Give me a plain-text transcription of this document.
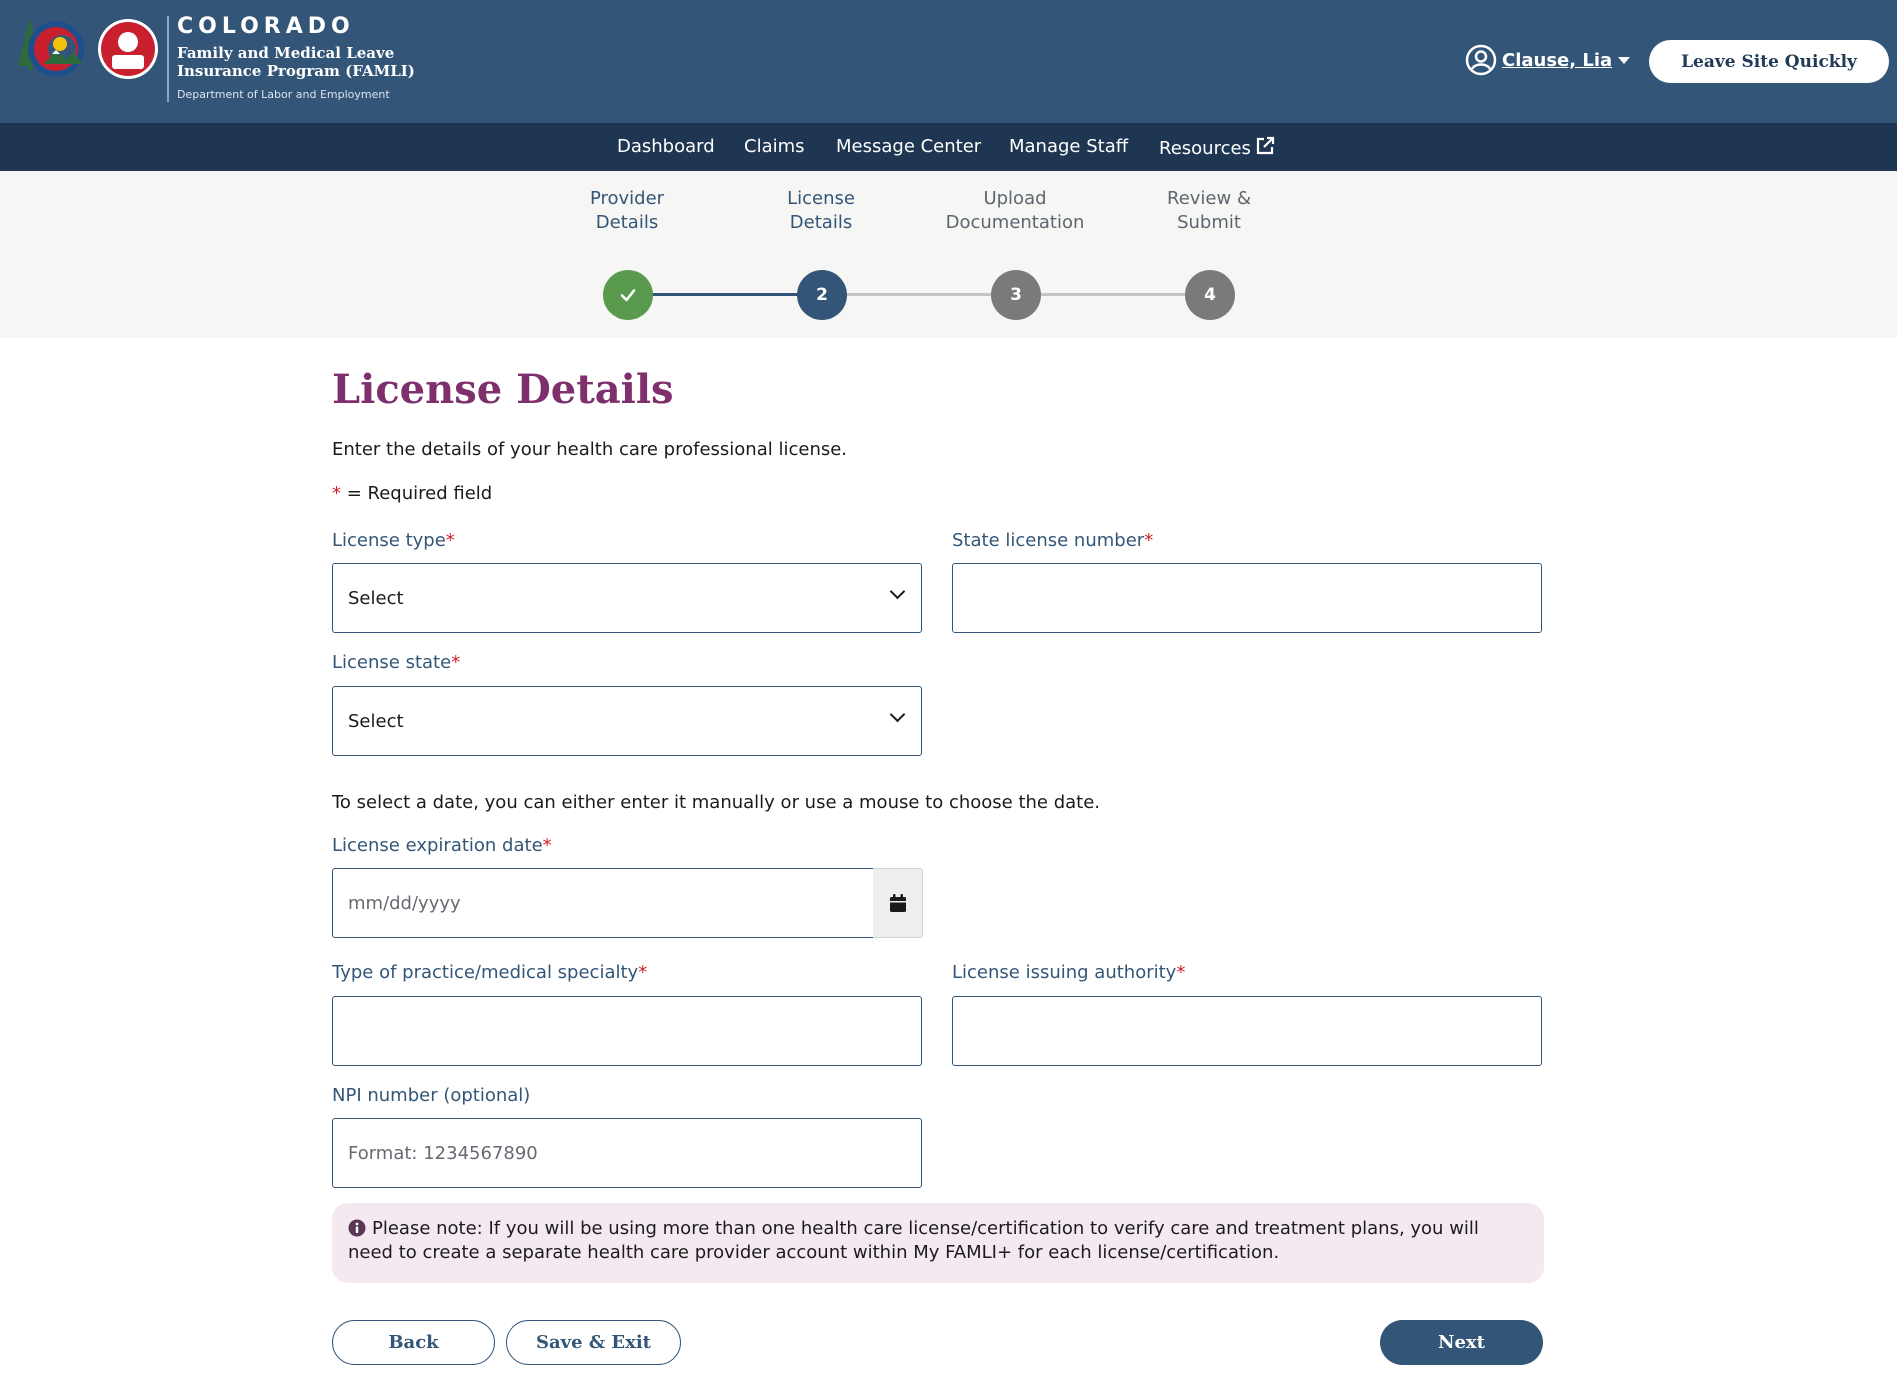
COLORADO
Family and Medical Leave
Insurance Program (FAMLI)
Department of Labor and Employment
Clause, Lia	Leave Site Quickly
Dashboard Claims Message Center Manage Staff Resources
Provider
Details
License
Details
Upload
Documentation
Review &
Submit
2	3	4
License Details

Enter the details of your health care professional license.

* = Required field

License type*
Select
State license number*
License state*
Select

To select a date, you can either enter it manually or use a mouse to choose the date.

License expiration date*
mm/dd/yyyy
Type of practice/medical specialty*	License issuing authority*
NPI number (optional)
Format: 1234567890
Please note: If you will be using more than one health care license/certification to verify care and treatment plans, you will need to create a separate health care provider account within My FAMLI+ for each license/certification.
Back	Save & Exit	Next
